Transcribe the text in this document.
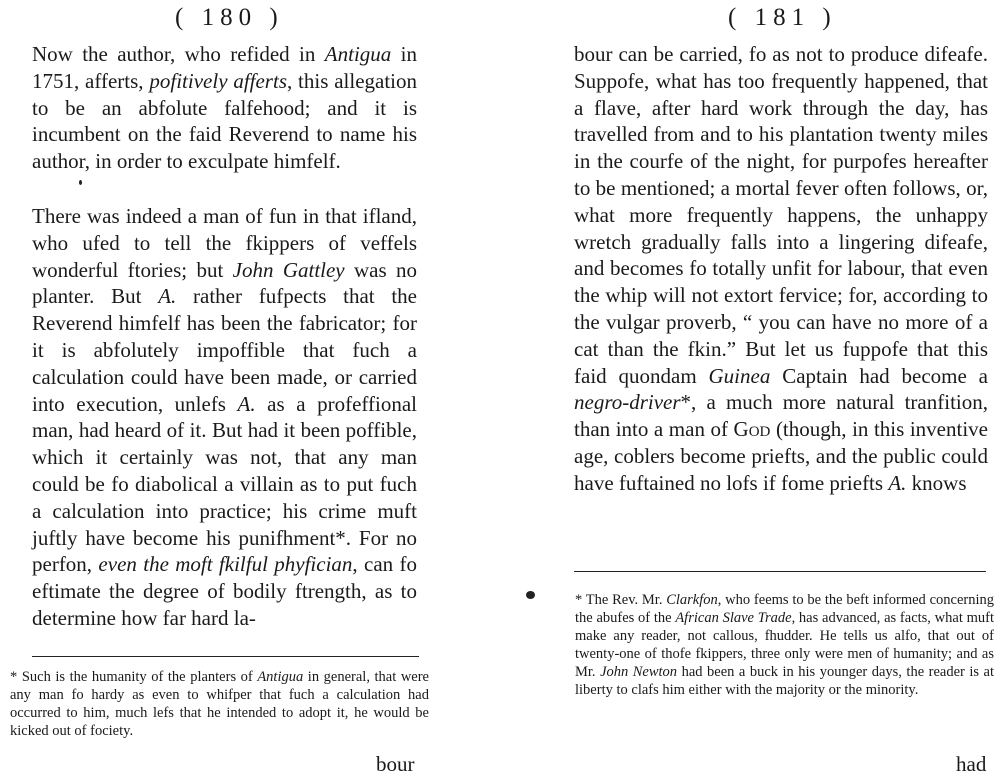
( 180 )
Now the author, who refided in Antigua in 1751, afferts, pofitively afferts, this allegation to be an abfolute falfehood; and it is incumbent on the faid Reverend to name his author, in order to exculpate himfelf.
There was indeed a man of fun in that ifland, who ufed to tell the fkippers of veffels wonderful ftories; but John Gattley was no planter. But A. rather fufpects that the Reverend himfelf has been the fabricator; for it is abfolutely impoffible that fuch a calculation could have been made, or carried into execution, unlefs A. as a profeffional man, had heard of it. But had it been poffible, which it certainly was not, that any man could be fo diabolical a villain as to put fuch a calculation into practice; his crime muft juftly have become his punifhment*. For no perfon, even the moft fkilful phyfician, can fo eftimate the degree of bodily ftrength, as to determine how far hard la-
* Such is the humanity of the planters of Antigua in general, that were any man fo hardy as even to whifper that fuch a calculation had occurred to him, much lefs that he intended to adopt it, he would be kicked out of fociety.
bour
( 181 )
bour can be carried, fo as not to produce difeafe. Suppofe, what has too frequently happened, that a flave, after hard work through the day, has travelled from and to his plantation twenty miles in the courfe of the night, for purpofes hereafter to be mentioned; a mortal fever often follows, or, what more frequently happens, the unhappy wretch gradually falls into a lingering difeafe, and becomes fo totally unfit for labour, that even the whip will not extort fervice; for, according to the vulgar proverb, “ you can have no more of a cat than the fkin.” But let us fuppofe that this faid quondam Guinea Captain had become a negro-driver*, a much more natural tranfition, than into a man of God (though, in this inventive age, coblers become priefts, and the public could have fuftained no lofs if fome priefts A. knows
* The Rev. Mr. Clarkfon, who feems to be the beft informed concerning the abufes of the African Slave Trade, has advanced, as facts, what muft make any reader, not callous, fhudder. He tells us alfo, that out of twenty-one of thofe fkippers, three only were men of humanity; and as Mr. John Newton had been a buck in his younger days, the reader is at liberty to clafs him either with the majority or the minority.
had
